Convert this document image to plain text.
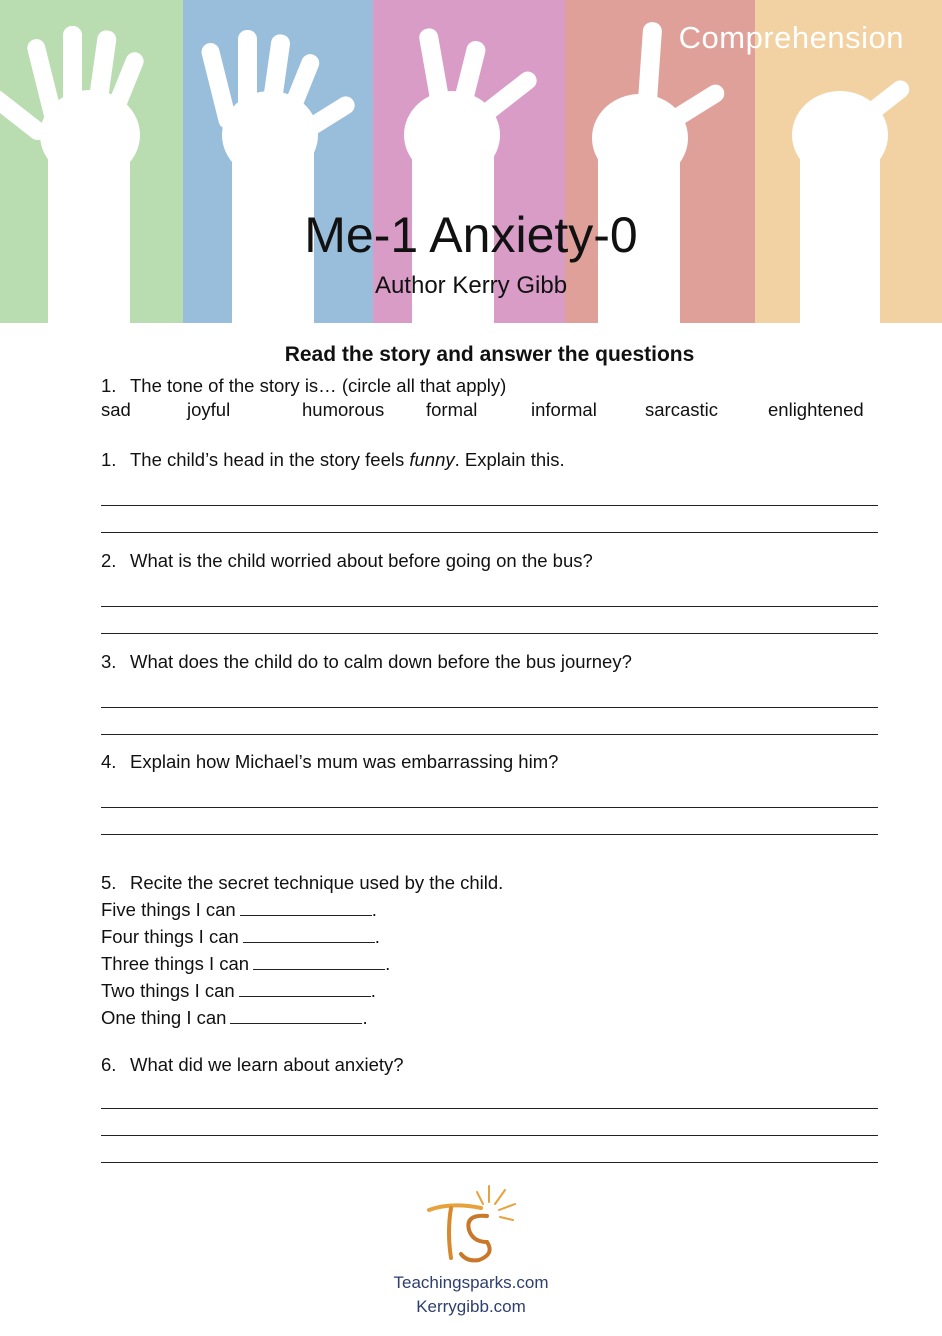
Comprehension
Me-1 Anxiety-0
Author Kerry Gibb
Read the story and answer the questions
1. The tone of the story is… (circle all that apply)
sad	joyful	humorous formal	informal	sarcastic	enlightened
1. The child’s head in the story feels funny. Explain this.
2. What is the child worried about before going on the bus?
3. What does the child do to calm down before the bus journey?
4. Explain how Michael’s mum was embarrassing him?
5. Recite the secret technique used by the child.
Five things I can	.
Four things I can	.
Three things I can	.
Two things I can	.
One thing I can	.
6. What did we learn about anxiety?
Teachingsparks.com
Kerrygibb.com
